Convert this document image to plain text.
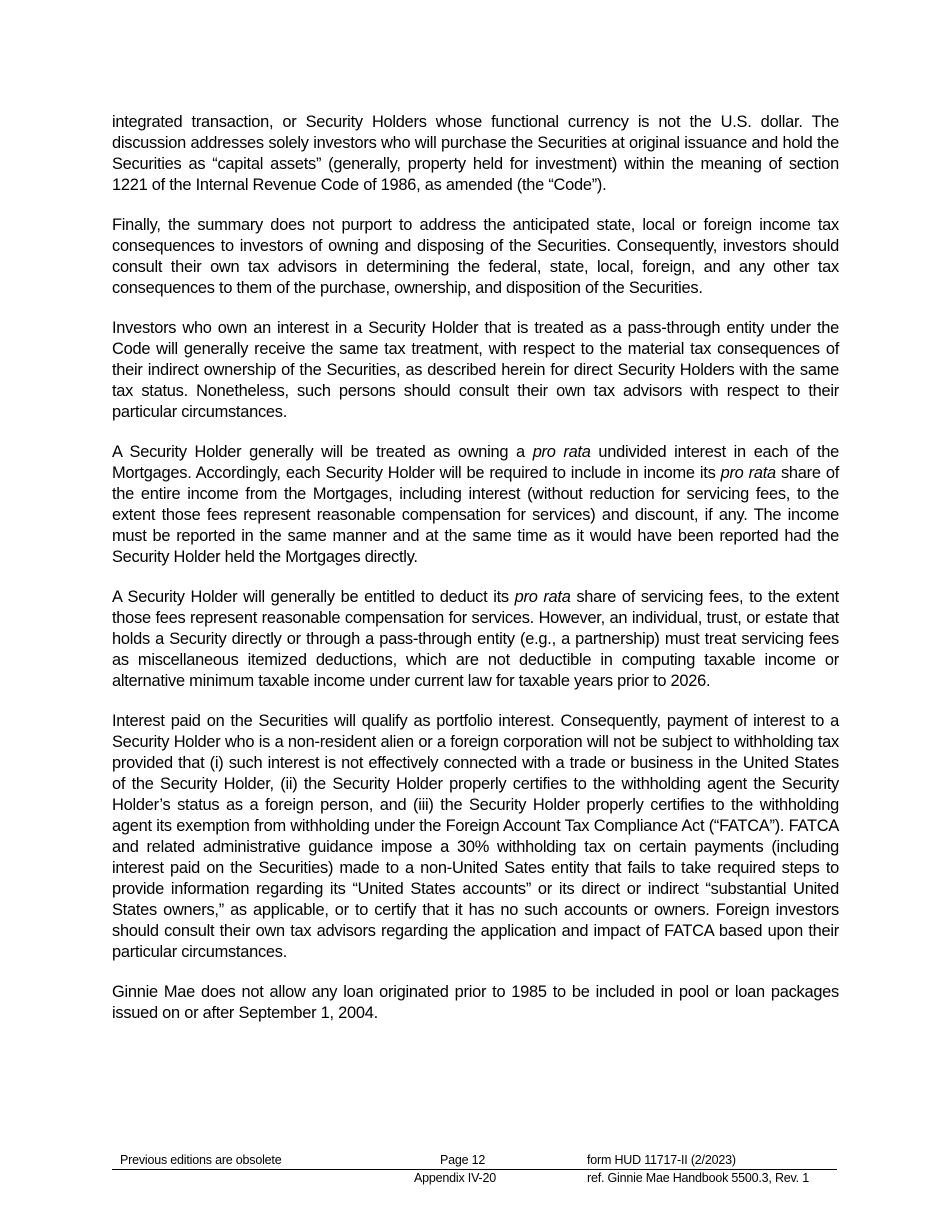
integrated transaction, or Security Holders whose functional currency is not the U.S. dollar. The discussion addresses solely investors who will purchase the Securities at original issuance and hold the Securities as “capital assets” (generally, property held for investment) within the meaning of section 1221 of the Internal Revenue Code of 1986, as amended (the “Code”).

Finally, the summary does not purport to address the anticipated state, local or foreign income tax consequences to investors of owning and disposing of the Securities. Consequently, investors should consult their own tax advisors in determining the federal, state, local, foreign, and any other tax consequences to them of the purchase, ownership, and disposition of the Securities.

Investors who own an interest in a Security Holder that is treated as a pass-through entity under the Code will generally receive the same tax treatment, with respect to the material tax consequences of their indirect ownership of the Securities, as described herein for direct Security Holders with the same tax status. Nonetheless, such persons should consult their own tax advisors with respect to their particular circumstances.

A Security Holder generally will be treated as owning a pro rata undivided interest in each of the Mortgages. Accordingly, each Security Holder will be required to include in income its pro rata share of the entire income from the Mortgages, including interest (without reduction for servicing fees, to the extent those fees represent reasonable compensation for services) and discount, if any. The income must be reported in the same manner and at the same time as it would have been reported had the Security Holder held the Mortgages directly.

A Security Holder will generally be entitled to deduct its pro rata share of servicing fees, to the extent those fees represent reasonable compensation for services. However, an individual, trust, or estate that holds a Security directly or through a pass-through entity (e.g., a partnership) must treat servicing fees as miscellaneous itemized deductions, which are not deductible in computing taxable income or alternative minimum taxable income under current law for taxable years prior to 2026.

Interest paid on the Securities will qualify as portfolio interest. Consequently, payment of interest to a Security Holder who is a non-resident alien or a foreign corporation will not be subject to withholding tax provided that (i) such interest is not effectively connected with a trade or business in the United States of the Security Holder, (ii) the Security Holder properly certifies to the withholding agent the Security Holder’s status as a foreign person, and (iii) the Security Holder properly certifies to the withholding agent its exemption from withholding under the Foreign Account Tax Compliance Act (“FATCA”). FATCA and related administrative guidance impose a 30% withholding tax on certain payments (including interest paid on the Securities) made to a non-United Sates entity that fails to take required steps to provide information regarding its “United States accounts” or its direct or indirect “substantial United States owners,” as applicable, or to certify that it has no such accounts or owners. Foreign investors should consult their own tax advisors regarding the application and impact of FATCA based upon their particular circumstances.

Ginnie Mae does not allow any loan originated prior to 1985 to be included in pool or loan packages issued on or after September 1, 2004.

Previous editions are obsolete	Page 12	form HUD 11717-II (2/2023)
Appendix IV-20	ref. Ginnie Mae Handbook 5500.3, Rev. 1
